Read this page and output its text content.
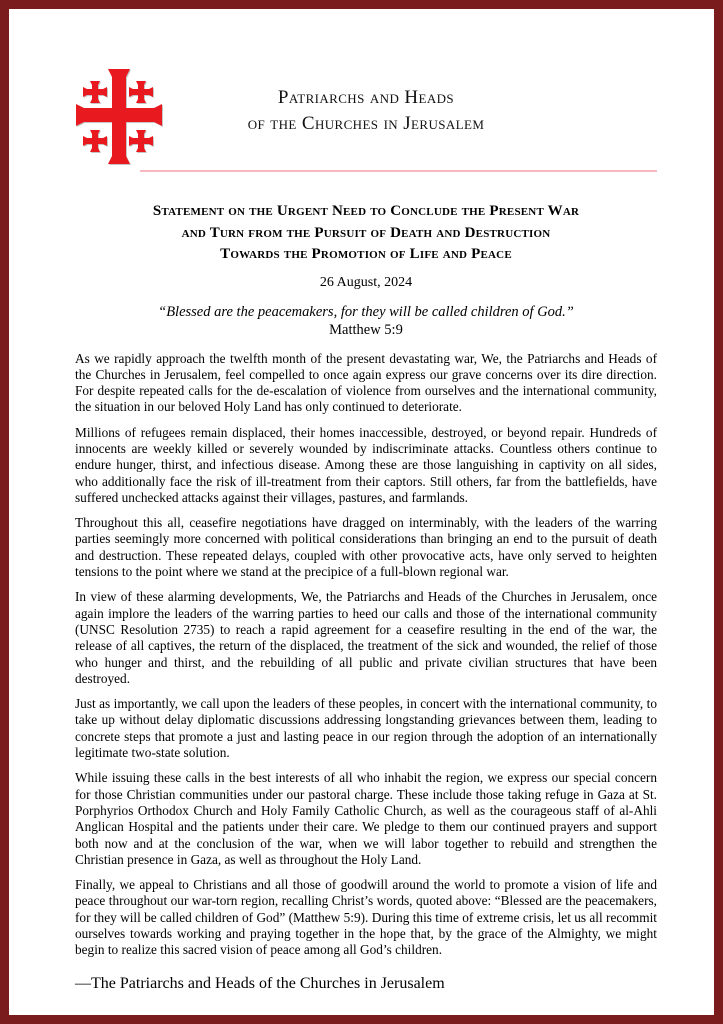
Patriarchs and Heads
of the Churches in Jerusalem
Statement on the Urgent Need to Conclude the Present War
and Turn from the Pursuit of Death and Destruction
Towards the Promotion of Life and Peace
26 August, 2024
“Blessed are the peacemakers, for they will be called children of God.”
Matthew 5:9

As we rapidly approach the twelfth month of the present devastating war, We, the Patriarchs and Heads of the Churches in Jerusalem, feel compelled to once again express our grave concerns over its dire direction. For despite repeated calls for the de-escalation of violence from ourselves and the international community, the situation in our beloved Holy Land has only continued to deteriorate.

Millions of refugees remain displaced, their homes inaccessible, destroyed, or beyond repair. Hundreds of innocents are weekly killed or severely wounded by indiscriminate attacks. Countless others continue to endure hunger, thirst, and infectious disease. Among these are those languishing in captivity on all sides, who additionally face the risk of ill-treatment from their captors. Still others, far from the battlefields, have suffered unchecked attacks against their villages, pastures, and farmlands.

Throughout this all, ceasefire negotiations have dragged on interminably, with the leaders of the warring parties seemingly more concerned with political considerations than bringing an end to the pursuit of death and destruction. These repeated delays, coupled with other provocative acts, have only served to heighten tensions to the point where we stand at the precipice of a full-blown regional war.

In view of these alarming developments, We, the Patriarchs and Heads of the Churches in Jerusalem, once again implore the leaders of the warring parties to heed our calls and those of the international community (UNSC Resolution 2735) to reach a rapid agreement for a ceasefire resulting in the end of the war, the release of all captives, the return of the displaced, the treatment of the sick and wounded, the relief of those who hunger and thirst, and the rebuilding of all public and private civilian structures that have been destroyed.

Just as importantly, we call upon the leaders of these peoples, in concert with the international community, to take up without delay diplomatic discussions addressing longstanding grievances between them, leading to concrete steps that promote a just and lasting peace in our region through the adoption of an internationally legitimate two-state solution.

While issuing these calls in the best interests of all who inhabit the region, we express our special concern for those Christian communities under our pastoral charge. These include those taking refuge in Gaza at St. Porphyrios Orthodox Church and Holy Family Catholic Church, as well as the courageous staff of al-Ahli Anglican Hospital and the patients under their care. We pledge to them our continued prayers and support both now and at the conclusion of the war, when we will labor together to rebuild and strengthen the Christian presence in Gaza, as well as throughout the Holy Land.

Finally, we appeal to Christians and all those of goodwill around the world to promote a vision of life and peace throughout our war-torn region, recalling Christ’s words, quoted above: “Blessed are the peacemakers, for they will be called children of God” (Matthew 5:9). During this time of extreme crisis, let us all recommit ourselves towards working and praying together in the hope that, by the grace of the Almighty, we might begin to realize this sacred vision of peace among all God’s children.

—The Patriarchs and Heads of the Churches in Jerusalem
